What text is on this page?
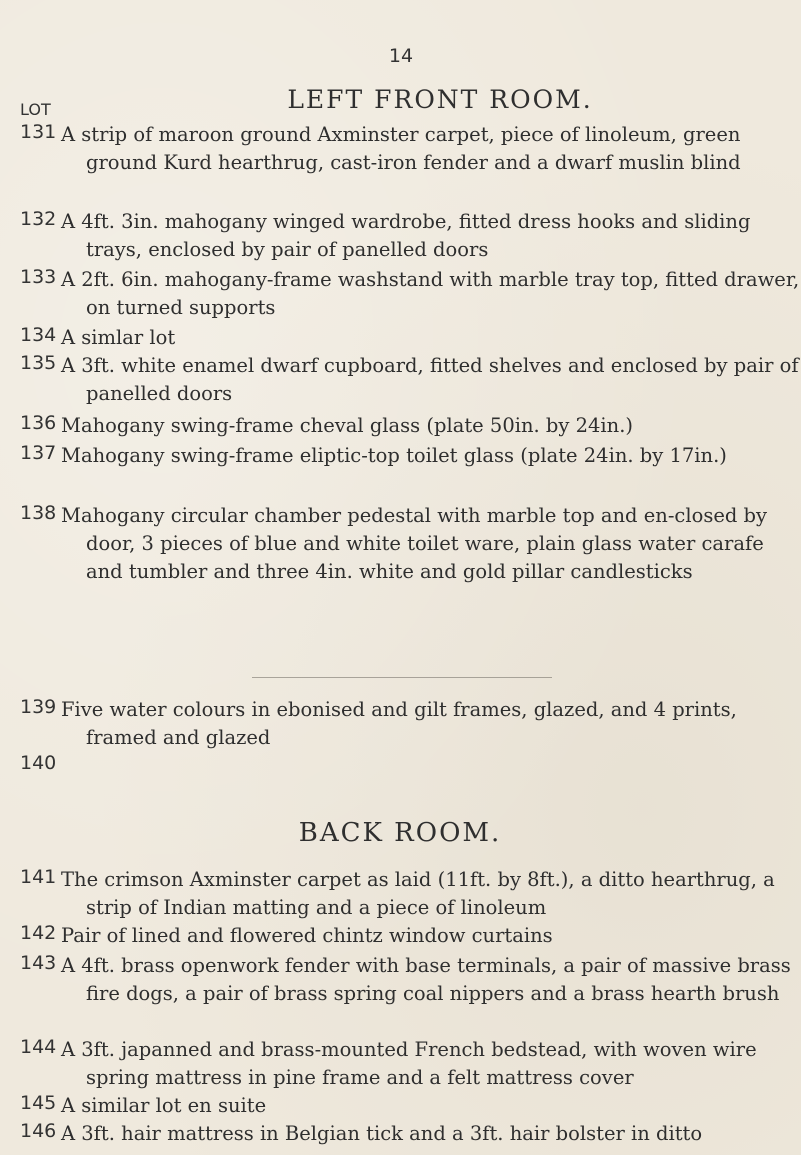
14
LEFT FRONT ROOM.
LOT
131 A strip of maroon ground Axminster carpet, piece of linoleum, green ground Kurd hearthrug, cast-iron fender and a dwarf muslin blind
132 A 4ft. 3in. mahogany winged wardrobe, fitted dress hooks and sliding trays, enclosed by pair of panelled doors
133 A 2ft. 6in. mahogany-frame washstand with marble tray top, fitted drawer, on turned supports
134 A simlar lot
135 A 3ft. white enamel dwarf cupboard, fitted shelves and enclosed by pair of panelled doors
136 Mahogany swing-frame cheval glass (plate 50in. by 24in.)
137 Mahogany swing-frame eliptic-top toilet glass (plate 24in. by 17in.)
138 Mahogany circular chamber pedestal with marble top and en-closed by door, 3 pieces of blue and white toilet ware, plain glass water carafe and tumbler and three 4in. white and gold pillar candlesticks
139 Five water colours in ebonised and gilt frames, glazed, and 4 prints, framed and glazed
140
BACK ROOM.
141 The crimson Axminster carpet as laid (11ft. by 8ft.), a ditto hearthrug, a strip of Indian matting and a piece of linoleum
142 Pair of lined and flowered chintz window curtains
143 A 4ft. brass openwork fender with base terminals, a pair of massive brass fire dogs, a pair of brass spring coal nippers and a brass hearth brush
144 A 3ft. japanned and brass-mounted French bedstead, with woven wire spring mattress in pine frame and a felt mattress cover
145 A similar lot en suite
146 A 3ft. hair mattress in Belgian tick and a 3ft. hair bolster in ditto
